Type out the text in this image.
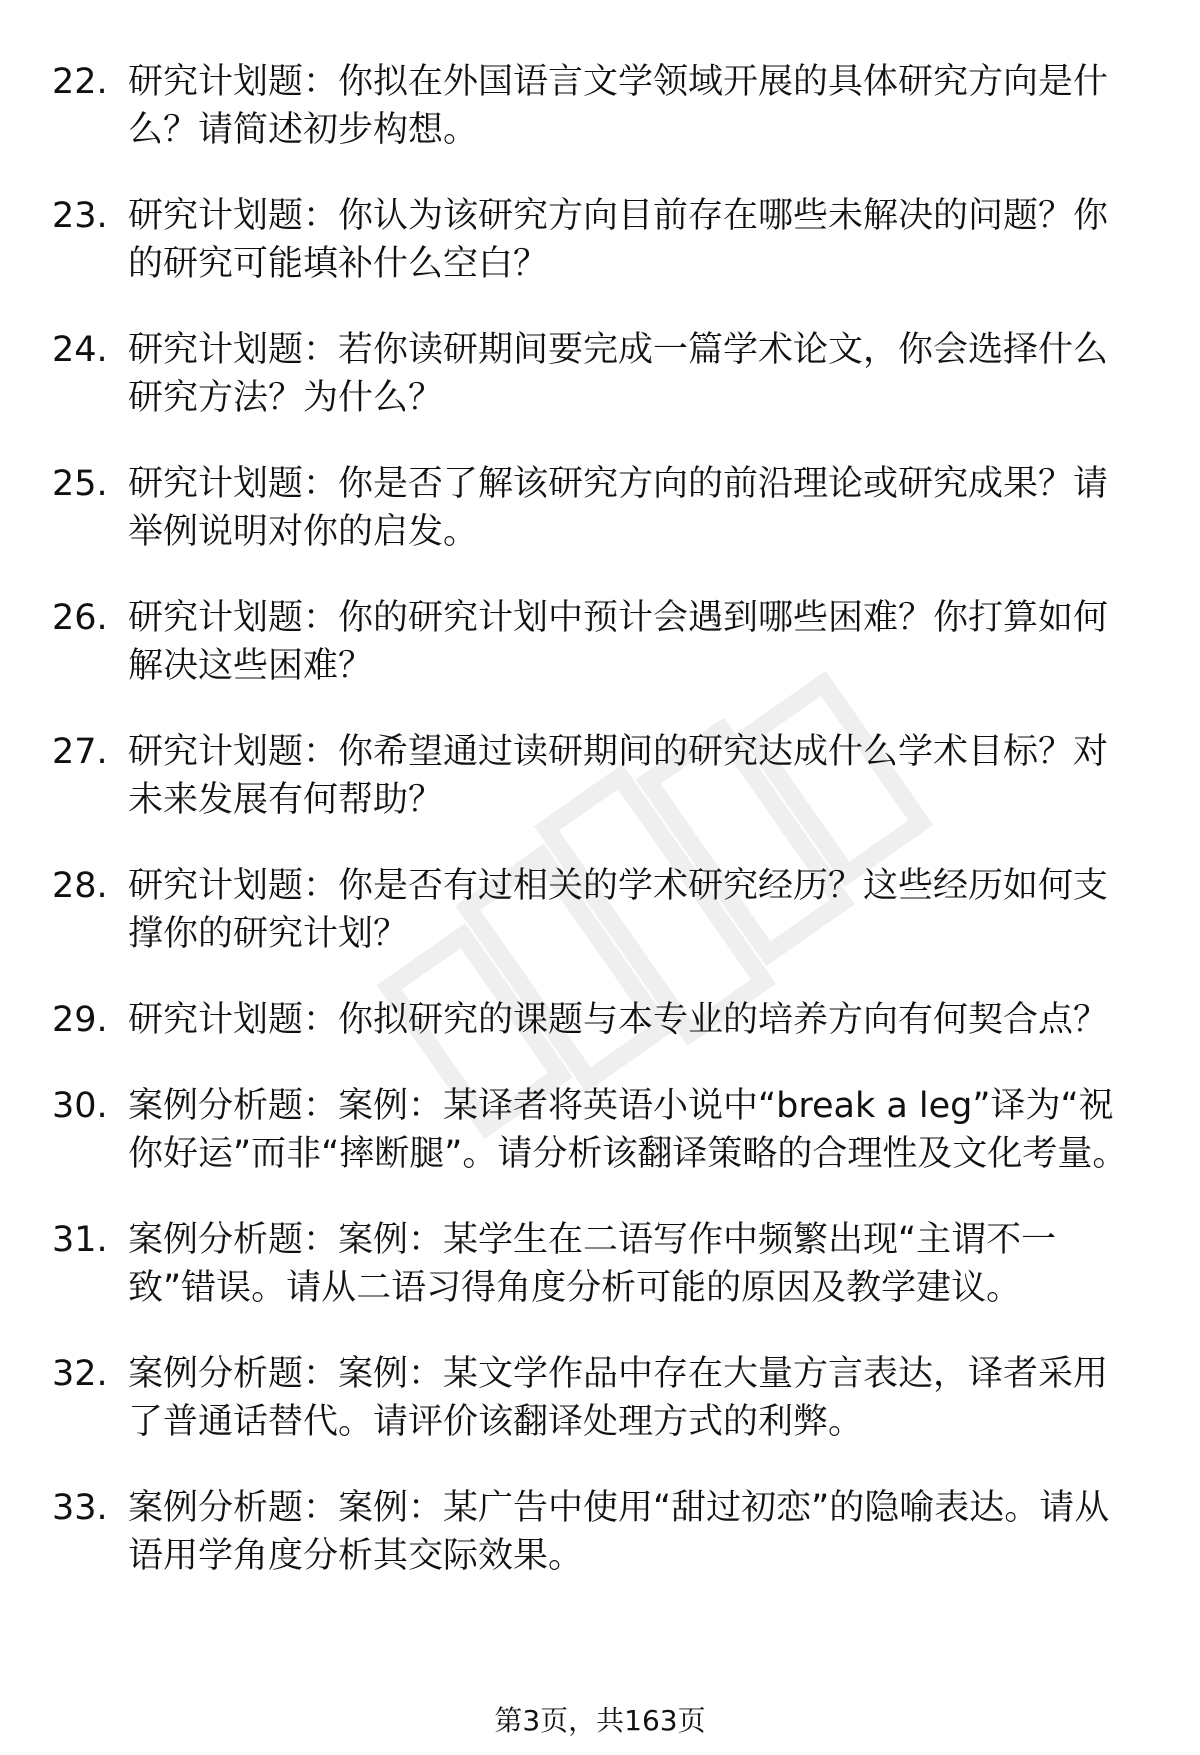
22. 研究计划题：你拟在外国语言文学领域开展的具体研究方向是什么？请简述初步构想。
23. 研究计划题：你认为该研究方向目前存在哪些未解决的问题？你的研究可能填补什么空白？
24. 研究计划题：若你读研期间要完成一篇学术论文，你会选择什么研究方法？为什么？
25. 研究计划题：你是否了解该研究方向的前沿理论或研究成果？请举例说明对你的启发。
26. 研究计划题：你的研究计划中预计会遇到哪些困难？你打算如何解决这些困难？
27. 研究计划题：你希望通过读研期间的研究达成什么学术目标？对未来发展有何帮助？
28. 研究计划题：你是否有过相关的学术研究经历？这些经历如何支撑你的研究计划？
29. 研究计划题：你拟研究的课题与本专业的培养方向有何契合点？
30. 案例分析题：案例：某译者将英语小说中“break a leg”译为“祝你好运”而非“摔断腿”。请分析该翻译策略的合理性及文化考量。
31. 案例分析题：案例：某学生在二语写作中频繁出现“主谓不一致”错误。请从二语习得角度分析可能的原因及教学建议。
32. 案例分析题：案例：某文学作品中存在大量方言表达，译者采用了普通话替代。请评价该翻译处理方式的利弊。
33. 案例分析题：案例：某广告中使用“甜过初恋”的隐喻表达。请从语用学角度分析其交际效果。
第3页，共163页
